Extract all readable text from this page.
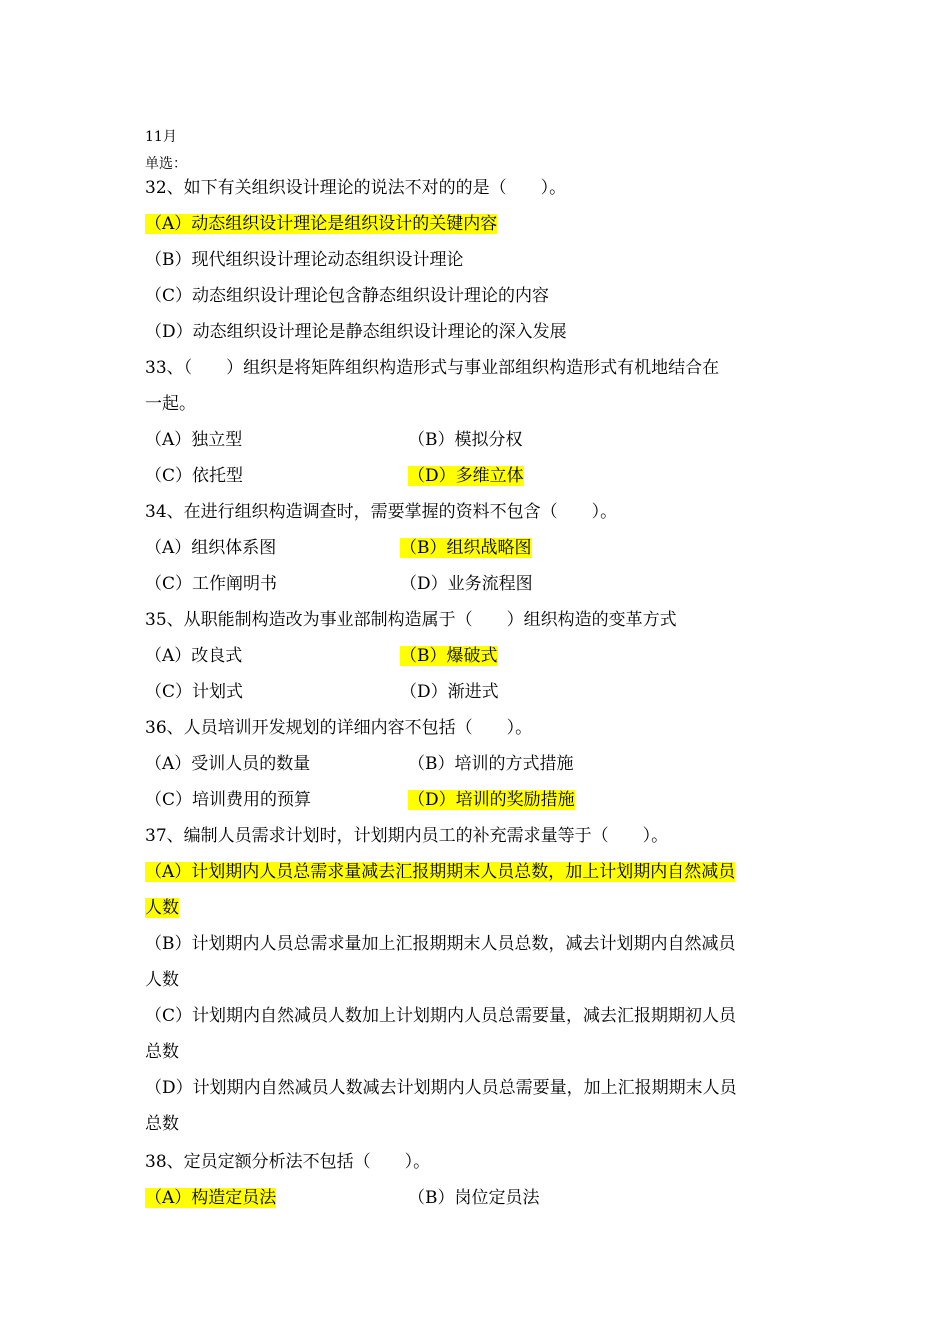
11月
单选：
32、如下有关组织设计理论的说法不对的的是（　　）。
（A）动态组织设计理论是组织设计的关键内容
（B）现代组织设计理论动态组织设计理论
（C）动态组织设计理论包含静态组织设计理论的内容
（D）动态组织设计理论是静态组织设计理论的深入发展
33、（　　）组织是将矩阵组织构造形式与事业部组织构造形式有机地结合在
一起。
（A）独立型	（B）模拟分权
（C）依托型	（D）多维立体
34、在进行组织构造调查时，需要掌握的资料不包含（　　）。
（A）组织体系图	（B）组织战略图
（C）工作阐明书	（D）业务流程图
35、从职能制构造改为事业部制构造属于（　　）组织构造的变革方式
（A）改良式	（B）爆破式
（C）计划式	（D）渐进式
36、人员培训开发规划的详细内容不包括（　　）。
（A）受训人员的数量	（B）培训的方式措施
（C）培训费用的预算	（D）培训的奖励措施
37、编制人员需求计划时，计划期内员工的补充需求量等于（　　）。
（A）计划期内人员总需求量减去汇报期期末人员总数，加上计划期内自然减员
人数
（B）计划期内人员总需求量加上汇报期期末人员总数，减去计划期内自然减员
人数
（C）计划期内自然减员人数加上计划期内人员总需要量，减去汇报期期初人员
总数
（D）计划期内自然减员人数减去计划期内人员总需要量，加上汇报期期末人员
总数
38、定员定额分析法不包括（　　）。
（A）构造定员法	（B）岗位定员法
